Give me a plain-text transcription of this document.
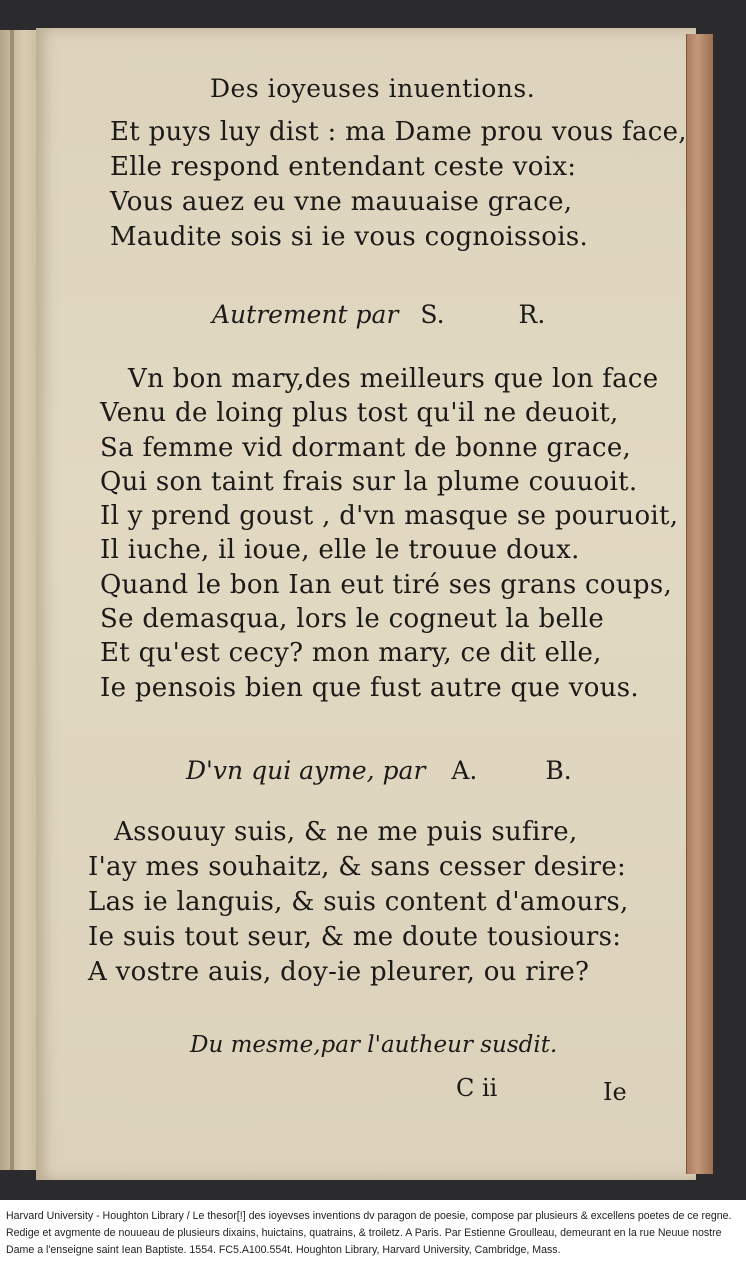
Des ioyeuses inuentions.
Et puys luy dist : ma Dame prou vous face,
Elle respond entendant ceste voix:
Vous auez eu vne mauuaise grace,
Maudite sois si ie vous cognoissois.
Autrement par S.	R.
Vn bon mary,des meilleurs que lon face
Venu de loing plus tost qu'il ne deuoit,
Sa femme vid dormant de bonne grace,
Qui son taint frais sur la plume couuoit.
Il y prend goust , d'vn masque se pouruoit,
Il iuche, il ioue, elle le trouue doux.
Quand le bon Ian eut tiré ses grans coups,
Se demasqua, lors le cogneut la belle
Et qu'est cecy? mon mary, ce dit elle,
Ie pensois bien que fust autre que vous.
D'vn qui ayme, par A.	B.
Assouuy suis, & ne me puis sufire,
I'ay mes souhaitz, & sans cesser desire:
Las ie languis, & suis content d'amours,
Ie suis tout seur, & me doute tousiours:
A vostre auis, doy-ie pleurer, ou rire?
Du mesme,par l'autheur susdit.
C ii	Ie
Harvard University - Houghton Library / Le thesor[!] des ioyevses inventions dv paragon de poesie, compose par plusieurs & excellens poetes de ce regne. Redige et avgmente de nouueau de plusieurs dixains, huictains, quatrains, & troiletz. A Paris. Par Estienne Groulleau, demeurant en la rue Neuue nostre Dame a l'enseigne saint Iean Baptiste. 1554. FC5.A100.554t. Houghton Library, Harvard University, Cambridge, Mass.
